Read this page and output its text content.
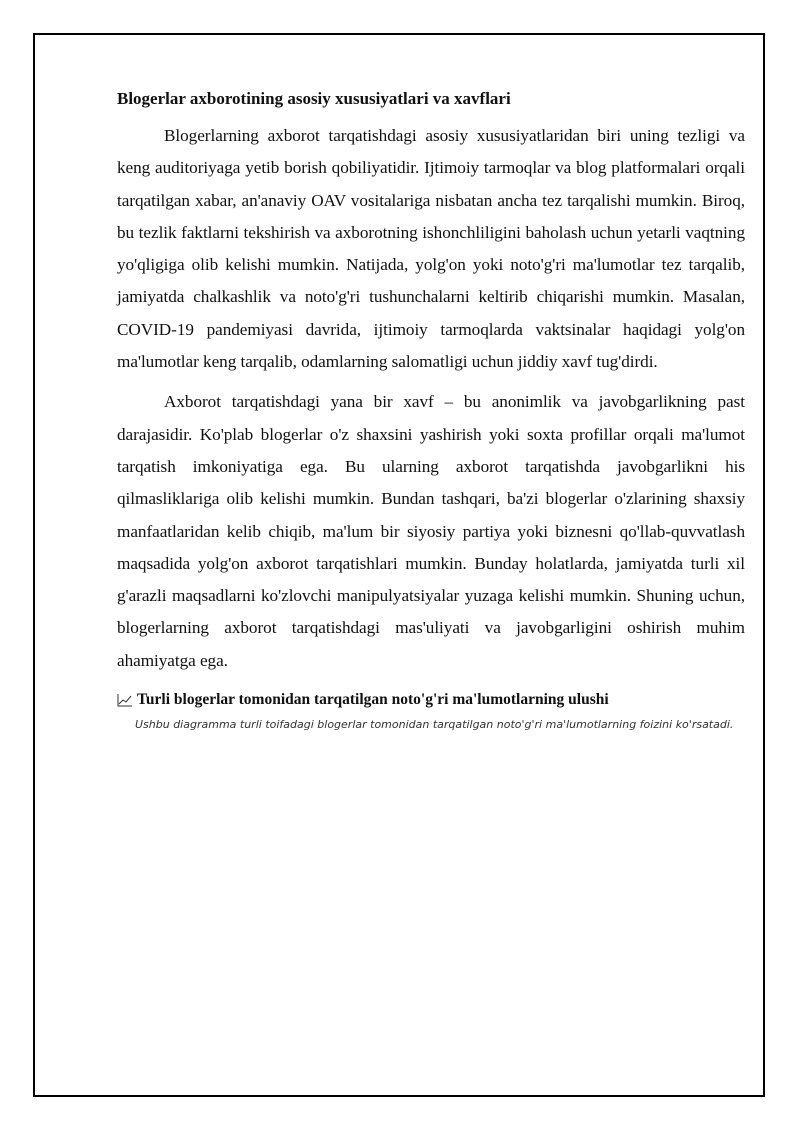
Blogerlar axborotining asosiy xususiyatlari va xavflari

Blogerlarning axborot tarqatishdagi asosiy xususiyatlaridan biri uning tezligi va keng auditoriyaga yetib borish qobiliyatidir. Ijtimoiy tarmoqlar va blog platformalari orqali tarqatilgan xabar, an'anaviy OAV vositalariga nisbatan ancha tez tarqalishi mumkin. Biroq, bu tezlik faktlarni tekshirish va axborotning ishonchliligini baholash uchun yetarli vaqtning yo'qligiga olib kelishi mumkin. Natijada, yolg'on yoki noto'g'ri ma'lumotlar tez tarqalib, jamiyatda chalkashlik va noto'g'ri tushunchalarni keltirib chiqarishi mumkin. Masalan, COVID-19 pandemiyasi davrida, ijtimoiy tarmoqlarda vaktsinalar haqidagi yolg'on ma'lumotlar keng tarqalib, odamlarning salomatligi uchun jiddiy xavf tug'dirdi.

Axborot tarqatishdagi yana bir xavf – bu anonimlik va javobgarlikning past darajasidir. Ko'plab blogerlar o'z shaxsini yashirish yoki soxta profillar orqali ma'lumot tarqatish imkoniyatiga ega. Bu ularning axborot tarqatishda javobgarlikni his qilmasliklariga olib kelishi mumkin. Bundan tashqari, ba'zi blogerlar o'zlarining shaxsiy manfaatlaridan kelib chiqib, ma'lum bir siyosiy partiya yoki biznesni qo'llab-quvvatlash maqsadida yolg'on axborot tarqatishlari mumkin. Bunday holatlarda, jamiyatda turli xil g'arazli maqsadlarni ko'zlovchi manipulyatsiyalar yuzaga kelishi mumkin. Shuning uchun, blogerlarning axborot tarqatishdagi mas'uliyati va javobgarligini oshirish muhim ahamiyatga ega.

Turli blogerlar tomonidan tarqatilgan noto'g'ri ma'lumotlarning ulushi
Ushbu diagramma turli toifadagi blogerlar tomonidan tarqatilgan noto'g'ri ma'lumotlarning foizini ko'rsatadi.
